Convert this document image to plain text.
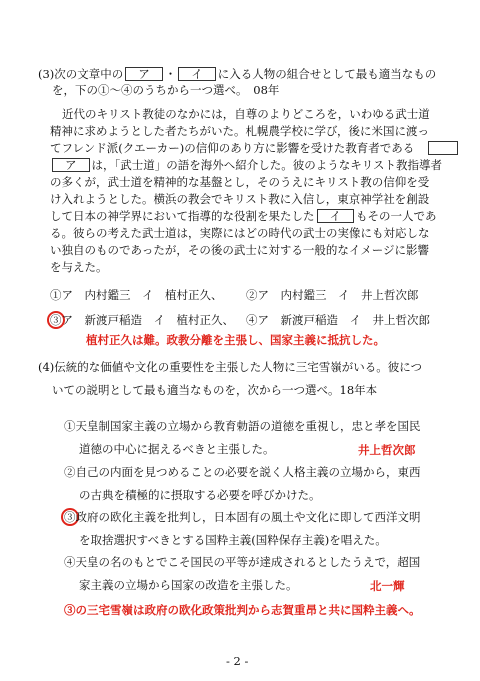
(3)次の文章中の ア ・ イ に入る人物の組合せとして最も適当なもの
を，下の①～④のうちから一つ選べ。　 08年
近代のキリスト教徒のなかには，自尊のよりどころを，いわゆる武士道
精神に求めようとした者たちがいた。札幌農学校に学び，後に米国に渡っ
てフレンド派(クエーカー)の信仰のあり方に影響を受けた教育者である

ア は，「武士道」の語を海外へ紹介した。彼のようなキリスト教指導者
の多くが，武士道を精神的な基盤とし，そのうえにキリスト教の信仰を受
け入れようとした。横浜の教会でキリスト教に入信し，東京神学社を創設
して日本の神学界において指導的な役割を果たした イ もその一人であ
る。彼らの考えた武士道は，実際にはどの時代の武士の実像にも対応しな
い独自のものであったが，その後の武士に対する一般的なイメージに影響
を与えた。
①ア　内村鑑三　イ　植村正久、 ②ア　内村鑑三　イ　井上哲次郎
③ア　新渡戸稲造　イ　植村正久、 ④ア　新渡戸稲造　イ　井上哲次郎
植村正久は難。政教分離を主張し、国家主義に抵抗した。
(4)伝統的な価値や文化の重要性を主張した人物に三宅雪嶺がいる。彼につ
いての説明として最も適当なものを，次から一つ選べ。18年本
①天皇制国家主義の立場から教育勅語の道徳を重視し，忠と孝を国民
道徳の中心に据えるべきと主張した。	井上哲次郎
②自己の内面を見つめることの必要を説く人格主義の立場から，東西
の古典を積極的に摂取する必要を呼びかけた。
③政府の欧化主義を批判し，日本固有の風土や文化に即して西洋文明
を取捨選択すべきとする国粋主義(国粋保存主義)を唱えた。
④天皇の名のもとでこそ国民の平等が達成されるとしたうえで，超国
家主義の立場から国家の改造を主張した。	北一輝
③の三宅雪嶺は政府の欧化政策批判から志賀重昂と共に国粋主義へ。
- 2 -
